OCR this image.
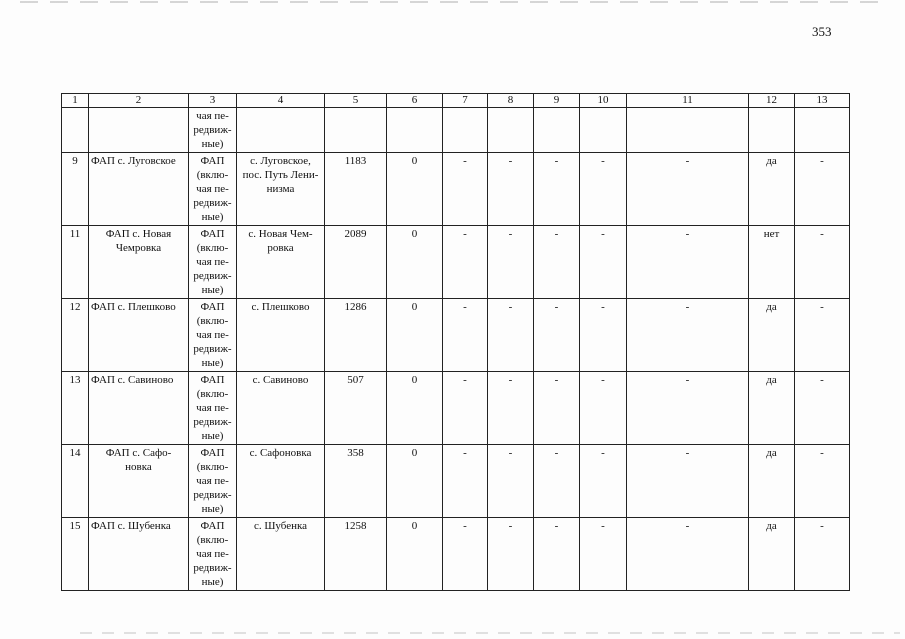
353
1	2	3	4	5	6	7	8	9	10	11	12	13
		чая пе-
редвиж-
ные)										
9	ФАП с. Луговское	ФАП
(вклю-
чая пе-
редвиж-
ные)	с. Луговское,
пос. Путь Лени-
низма	1183	0	-	-	-	-	-	да	-
11	ФАП с. Новая
Чемровка	ФАП
(вклю-
чая пе-
редвиж-
ные)	с. Новая Чем-
ровка	2089	0	-	-	-	-	-	нет	-
12	ФАП с. Плешково	ФАП
(вклю-
чая пе-
редвиж-
ные)	с. Плешково	1286	0	-	-	-	-	-	да	-
13	ФАП с. Савиново	ФАП
(вклю-
чая пе-
редвиж-
ные)	с. Савиново	507	0	-	-	-	-	-	да	-
14	ФАП с. Сафо-
новка	ФАП
(вклю-
чая пе-
редвиж-
ные)	с. Сафоновка	358	0	-	-	-	-	-	да	-
15	ФАП с. Шубенка	ФАП
(вклю-
чая пе-
редвиж-
ные)	с. Шубенка	1258	0	-	-	-	-	-	да	-
